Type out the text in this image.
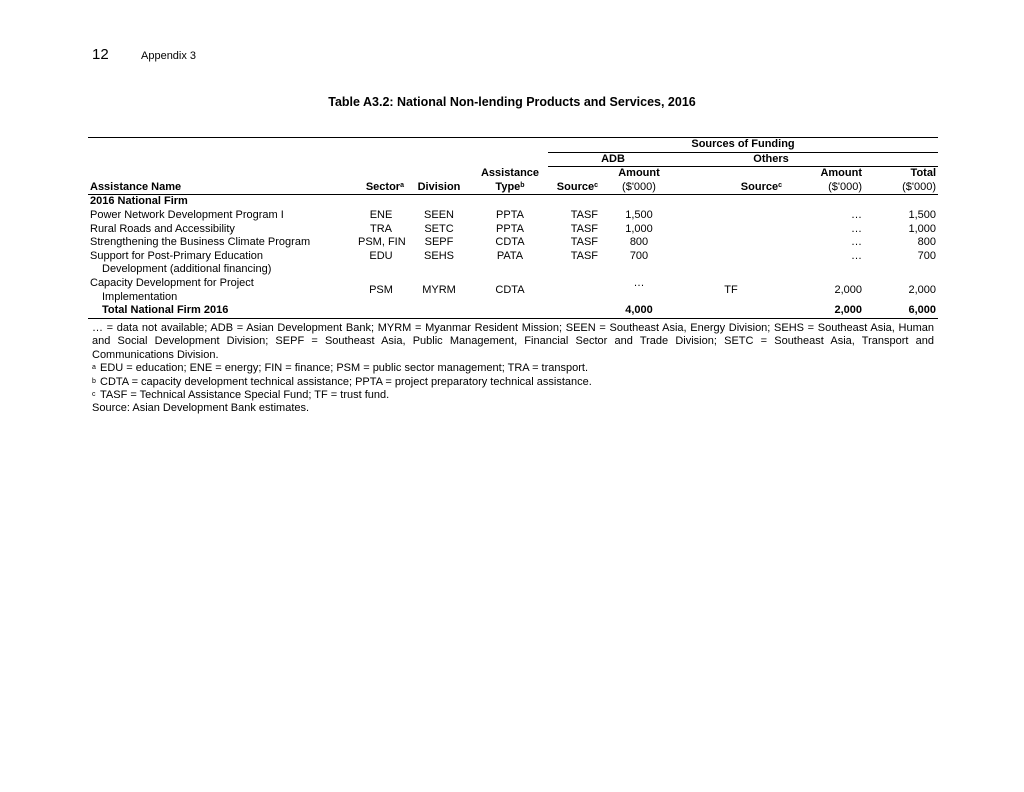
12	Appendix 3
Table A3.2: National Non-lending Products and Services, 2016
				Sources of Funding				
				ADB		Others		
			Assistance		Amount		Amount	Total
Assistance Name	Sector$^a$	Division	Type$^b$	Source$^c$	($'000)	Source$^c$	($'000)	($'000)
2016 National Firm								
Power Network Development Program I	ENE	SEEN	PPTA	TASF	1,500		…	1,500
Rural Roads and Accessibility	TRA	SETC	PPTA	TASF	1,000		…	1,000
Strengthening the Business Climate Program	PSM, FIN	SEPF	CDTA	TASF	800		…	800
Support for Post-Primary Education	EDU	SEHS	PATA	TASF	700		…	700
Development (additional financing)								
Capacity Development for Project	PSM	MYRM	CDTA		…	TF	2,000	2,000
Implementation								
Total National Firm 2016					4,000		2,000	6,000

… = data not available; ADB = Asian Development Bank; MYRM = Myanmar Resident Mission; SEEN = Southeast Asia, Energy Division; SEHS = Southeast Asia, Human and Social Development Division; SEPF = Southeast Asia, Public Management, Financial Sector and Trade Division; SETC = Southeast Asia, Transport and Communications Division.

a EDU = education; ENE = energy; FIN = finance; PSM = public sector management; TRA = transport.

b CDTA = capacity development technical assistance; PPTA = project preparatory technical assistance.

c TASF = Technical Assistance Special Fund; TF = trust fund.

Source: Asian Development Bank estimates.
